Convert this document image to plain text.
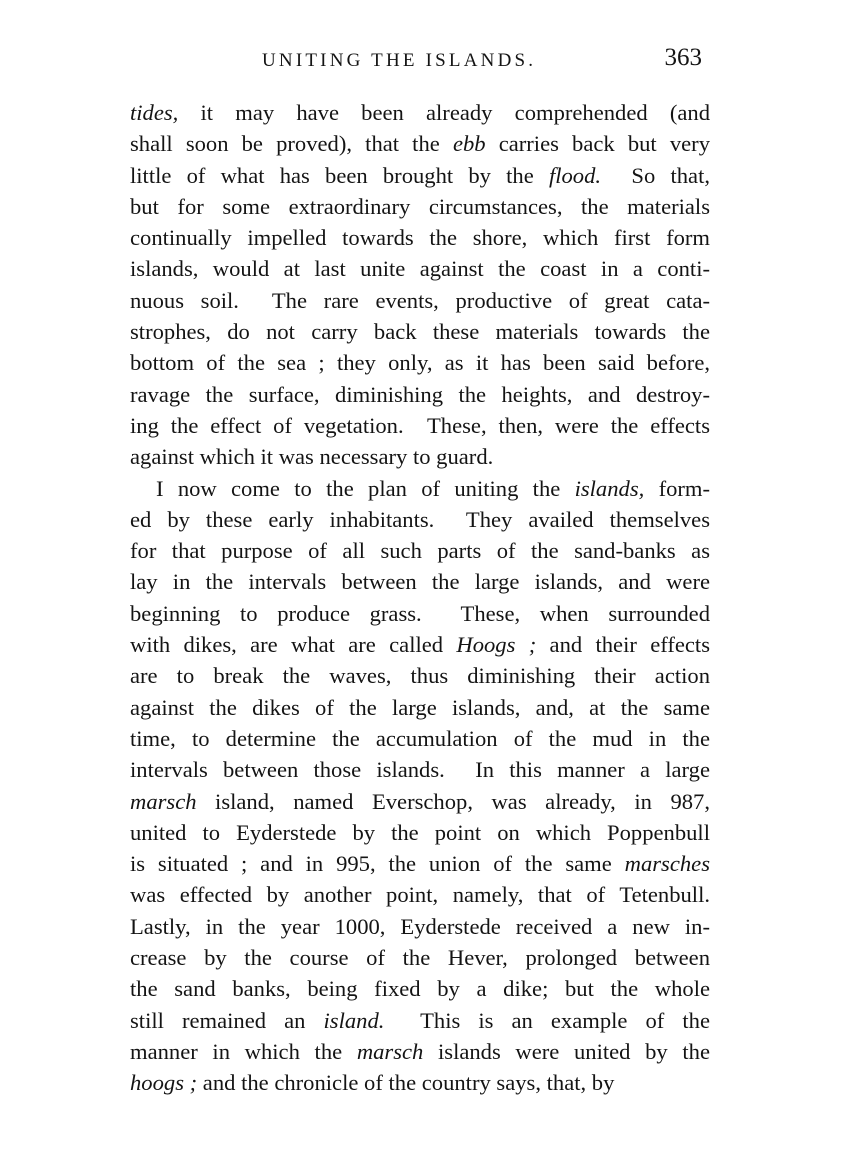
UNITING THE ISLANDS.	363
tides, it may have been already comprehended (and
shall soon be proved), that the ebb carries back but very
little of what has been brought by the flood.  So that,
but for some extraordinary circumstances, the materials
continually impelled towards the shore, which first form
islands, would at last unite against the coast in a conti-
nuous soil.  The rare events, productive of great cata-
strophes, do not carry back these materials towards the
bottom of the sea ; they only, as it has been said before,
ravage the surface, diminishing the heights, and destroy-
ing the effect of vegetation.  These, then, were the effects
against which it was necessary to guard.
I now come to the plan of uniting the islands, form-
ed by these early inhabitants.  They availed themselves
for that purpose of all such parts of the sand-banks as
lay in the intervals between the large islands, and were
beginning to produce grass.  These, when surrounded
with dikes, are what are called Hoogs ; and their effects
are to break the waves, thus diminishing their action
against the dikes of the large islands, and, at the same
time, to determine the accumulation of the mud in the
intervals between those islands.  In this manner a large
marsch island, named Everschop, was already, in 987,
united to Eyderstede by the point on which Poppenbull
is situated ; and in 995, the union of the same marsches
was effected by another point, namely, that of Tetenbull.
Lastly, in the year 1000, Eyderstede received a new in-
crease by the course of the Hever, prolonged between
the sand banks, being fixed by a dike; but the whole
still remained an island.  This is an example of the
manner in which the marsch islands were united by the
hoogs ; and the chronicle of the country says, that, by
